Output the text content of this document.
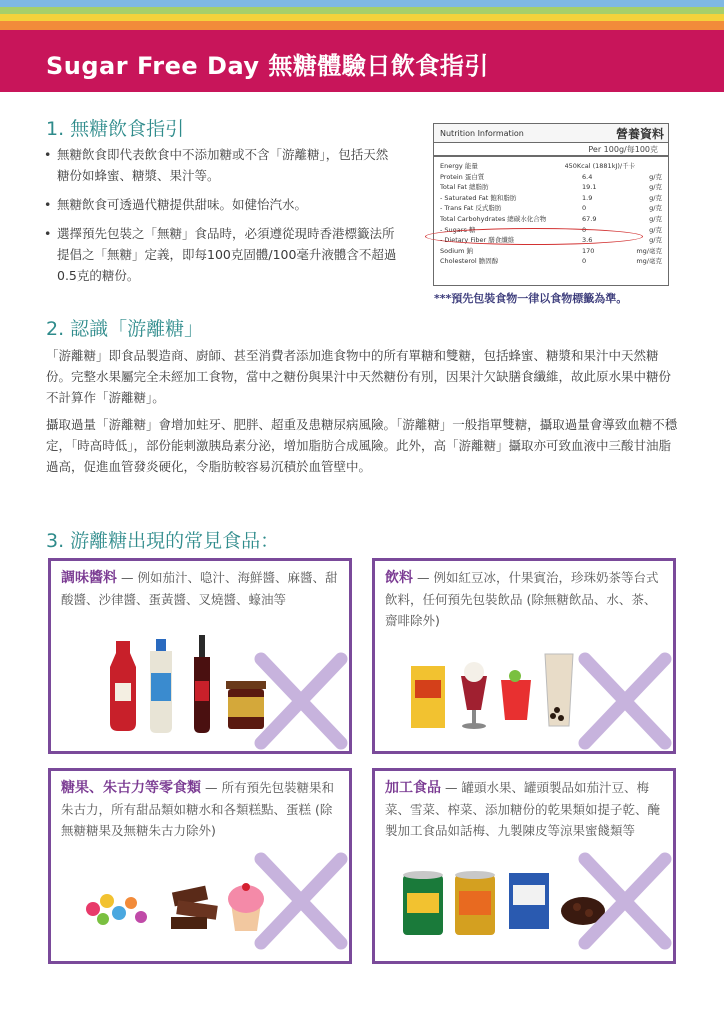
Sugar Free Day 無糖體驗日飲食指引
1. 無糖飲食指引
• 無糖飲食即代表飲食中不添加糖或不含「游離糖」，包括天然糖份如蜂蜜、糖漿、果汁等。
• 無糖飲食可透過代糖提供甜味。如健怡汽水。
• 選擇預先包裝之「無糖」食品時，必須遵從現時香港標籤法所提倡之「無糖」定義，即每100克固體/100毫升液體含不超過0.5克的糖份。
Nutrition Information	營養資料
Per 100g/每100克
Energy 能量	450Kcal (1881kJ)/千卡
Protein 蛋白質	6.4	g/克
Total Fat 總脂肪	19.1	g/克
- Saturated Fat 飽和脂肪	1.9	g/克
- Trans Fat 反式脂肪	0	g/克
Total Carbohydrates 總碳水化合物	67.9	g/克
- Sugars 糖	0	g/克
- Dietary Fiber 膳食纖維	3.6	g/克
Sodium 鈉	170	mg/毫克
Cholesterol 膽固醇	0	mg/毫克
***預先包裝食物一律以食物標籤為準。
2. 認識「游離糖」
「游離糖」即食品製造商、廚師、甚至消費者添加進食物中的所有單糖和雙糖，包括蜂蜜、糖漿和果汁中天然糖份。完整水果屬完全未經加工食物，當中之糖份與果汁中天然糖份有別，因果汁欠缺膳食纖維，故此原水果中糖份不計算作「游離糖」。
攝取過量「游離糖」會增加蛀牙、肥胖、超重及患糖尿病風險。「游離糖」一般指單雙糖，攝取過量會導致血糖不穩定，「時高時低」，部份能刺激胰島素分泌，增加脂肪合成風險。此外，高「游離糖」攝取亦可致血液中三酸甘油脂過高，促進血管發炎硬化，令脂肪較容易沉積於血管壁中。
3. 游離糖出現的常見食品：
調味醬料 — 例如茄汁、喼汁、海鮮醬、麻醬、甜酸醬、沙律醬、蛋黃醬、叉燒醬、蠔油等
飲料 — 例如紅豆冰，什果賓治，珍珠奶茶等台式飲料，任何預先包裝飲品 (除無糖飲品、水、茶、齋啡除外)
糖果、朱古力等零食類 — 所有預先包裝糖果和朱古力，所有甜品類如糖水和各類糕點、蛋糕 (除無糖糖果及無糖朱古力除外)
加工食品 — 罐頭水果、罐頭製品如茄汁豆、梅菜、雪菜、榨菜、添加糖份的乾果類如提子乾、醃製加工食品如話梅、九製陳皮等涼果蜜餞類等
